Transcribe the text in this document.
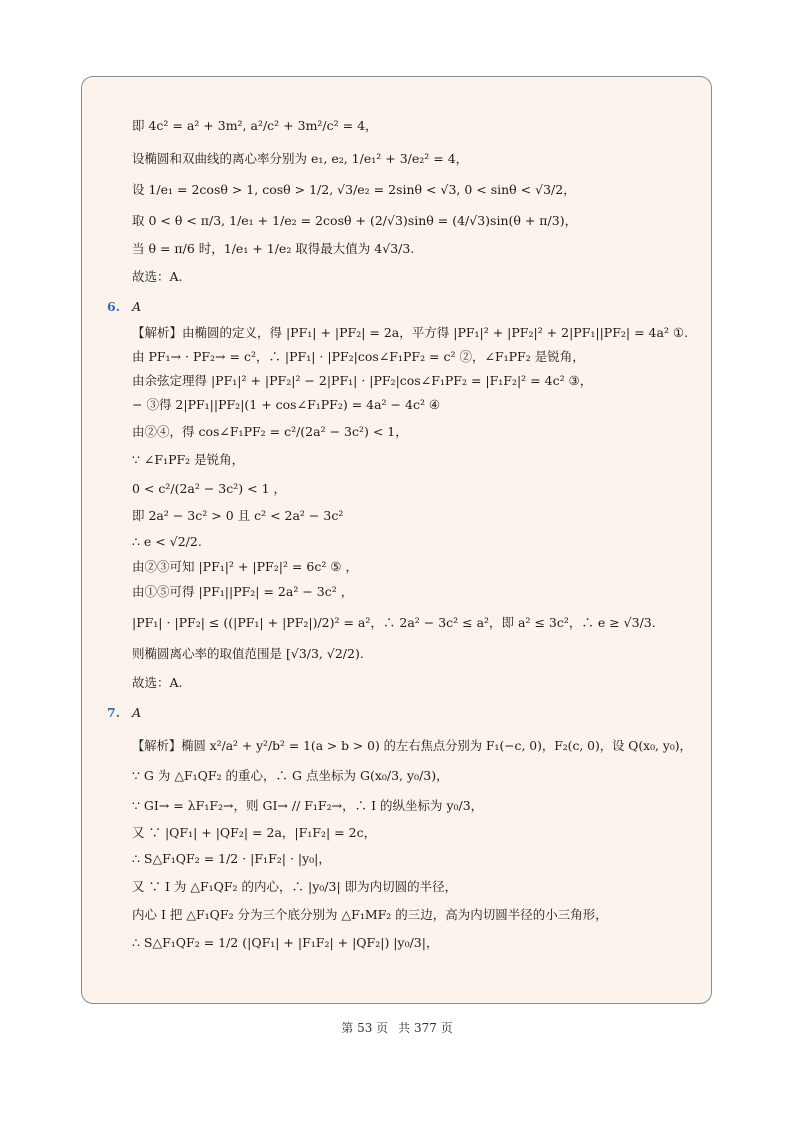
即 4c² = a² + 3m², a²/c² + 3m²/c² = 4，
设椭圆和双曲线的离心率分别为 e₁, e₂, 1/e₁² + 3/e₂² = 4，
设 1/e₁ = 2cosθ > 1, cosθ > 1/2, √3/e₂ = 2sinθ < √3, 0 < sinθ < √3/2，
取 0 < θ < π/3, 1/e₁ + 1/e₂ = 2cosθ + (2/√3)sinθ = (4/√3)sin(θ + π/3)，
当 θ = π/6 时，1/e₁ + 1/e₂ 取得最大值为 4√3/3.
故选：A.
6. A
【解析】由椭圆的定义，得 |PF₁| + |PF₂| = 2a，平方得 |PF₁|² + |PF₂|² + 2|PF₁||PF₂| = 4a² ①.
由 PF₁→ · PF₂→ = c²，∴ |PF₁| · |PF₂|cos∠F₁PF₂ = c² ②，∠F₁PF₂ 是锐角，
由余弦定理得 |PF₁|² + |PF₂|² − 2|PF₁| · |PF₂|cos∠F₁PF₂ = |F₁F₂|² = 4c² ③，
− ③得 2|PF₁||PF₂|(1 + cos∠F₁PF₂) = 4a² − 4c² ④
由②④，得 cos∠F₁PF₂ = c²/(2a² − 3c²) < 1，
∵ ∠F₁PF₂ 是锐角，
0 < c²/(2a² − 3c²) < 1 ，
即 2a² − 3c² > 0 且 c² < 2a² − 3c²
∴ e < √2/2.
由②③可知 |PF₁|² + |PF₂|² = 6c² ⑤ ，
由①⑤可得 |PF₁||PF₂| = 2a² − 3c² ，
|PF₁| · |PF₂| ≤ ((|PF₁| + |PF₂|)/2)² = a²，∴ 2a² − 3c² ≤ a²，即 a² ≤ 3c²，∴ e ≥ √3/3.
则椭圆离心率的取值范围是 [√3/3, √2/2).
故选：A.
7. A
【解析】椭圆 x²/a² + y²/b² = 1(a > b > 0) 的左右焦点分别为 F₁(−c, 0)，F₂(c, 0)，设 Q(x₀, y₀)，
∵ G 为 △F₁QF₂ 的重心，∴ G 点坐标为 G(x₀/3, y₀/3)，
∵ GI→ = λF₁F₂→，则 GI→ // F₁F₂→，∴ I 的纵坐标为 y₀/3，
又 ∵ |QF₁| + |QF₂| = 2a，|F₁F₂| = 2c，
∴ S△F₁QF₂ = 1/2 · |F₁F₂| · |y₀|，
又 ∵ I 为 △F₁QF₂ 的内心，∴ |y₀/3| 即为内切圆的半径，
内心 I 把 △F₁QF₂ 分为三个底分别为 △F₁MF₂ 的三边，高为内切圆半径的小三角形，
∴ S△F₁QF₂ = 1/2 (|QF₁| + |F₁F₂| + |QF₂|) |y₀/3|，
第 53 页 共 377 页
